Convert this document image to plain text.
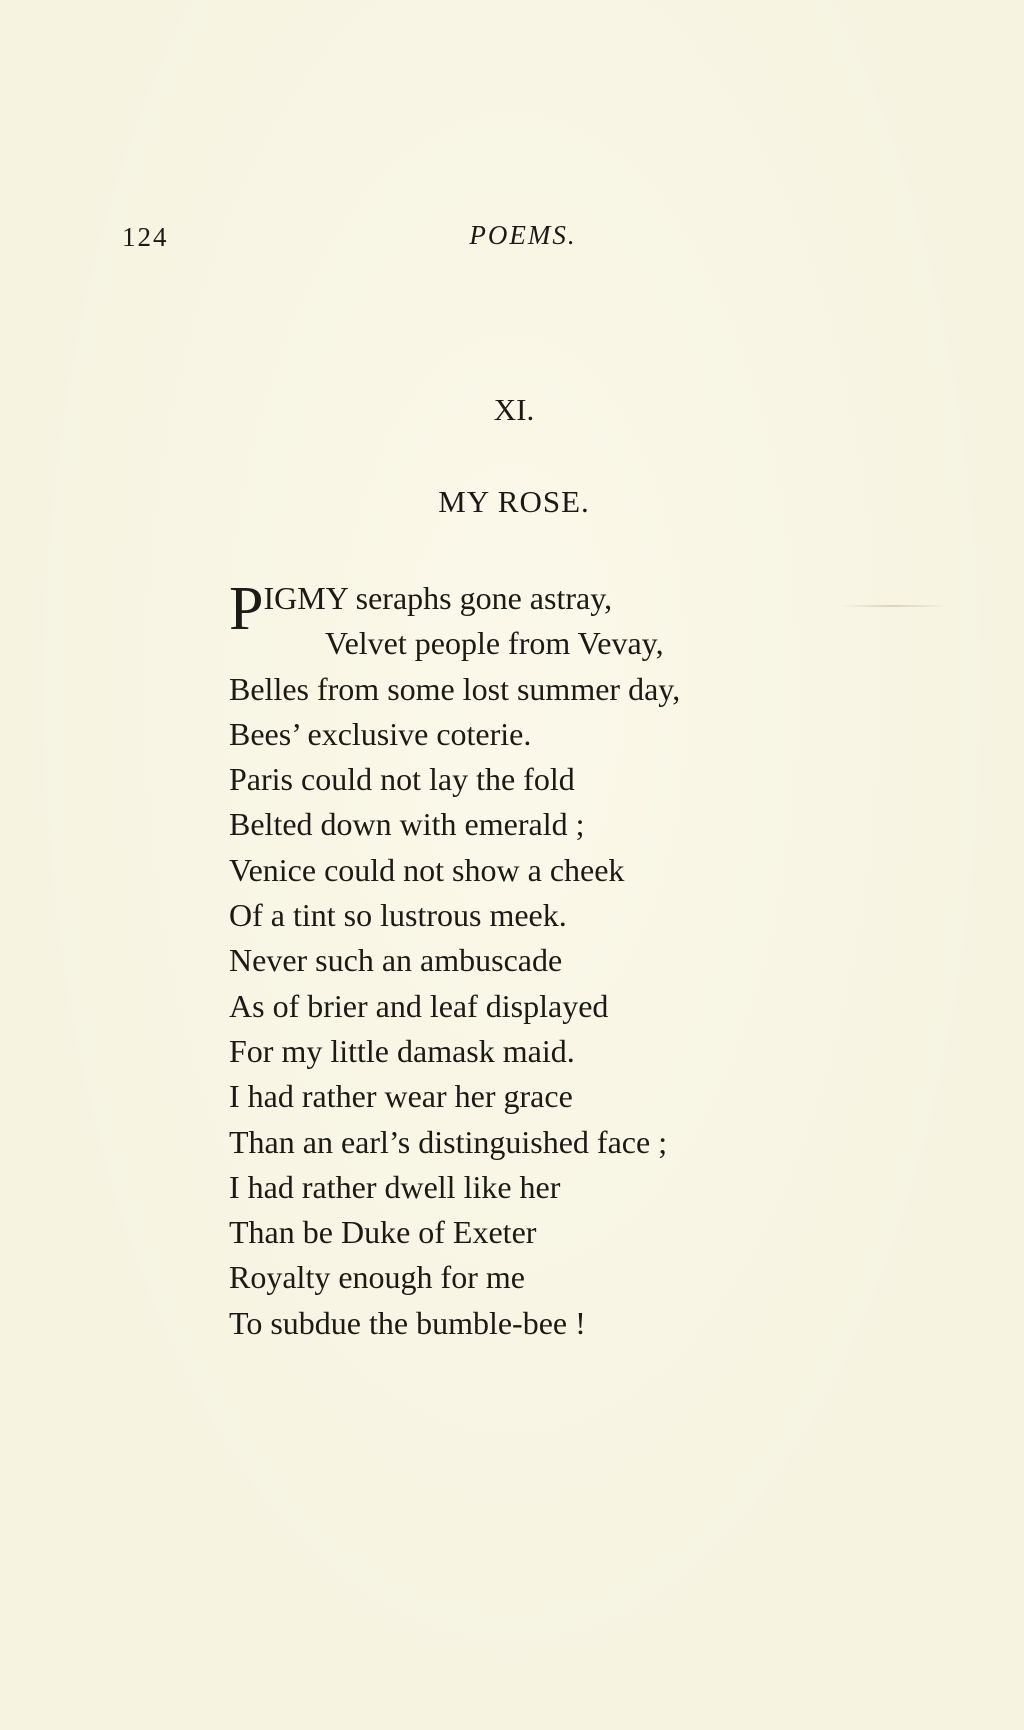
124	POEMS.
XI.
MY ROSE.
PIGMY seraphs gone astray,
Velvet people from Vevay,
Belles from some lost summer day,
Bees’ exclusive coterie.
Paris could not lay the fold
Belted down with emerald ;
Venice could not show a cheek
Of a tint so lustrous meek.
Never such an ambuscade
As of brier and leaf displayed
For my little damask maid.
I had rather wear her grace
Than an earl’s distinguished face ;
I had rather dwell like her
Than be Duke of Exeter
Royalty enough for me
To subdue the bumble-bee !
